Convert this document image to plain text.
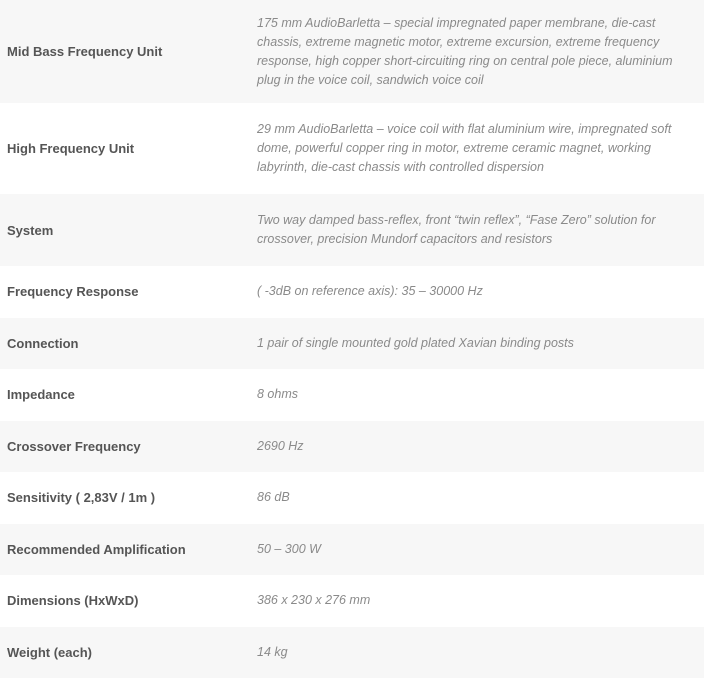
Mid Bass Frequency Unit	175 mm AudioBarletta – special impregnated paper membrane, die-cast chassis, extreme magnetic motor, extreme excursion, extreme frequency response, high copper short-circuiting ring on central pole piece, aluminium plug in the voice coil, sandwich voice coil
High Frequency Unit	29 mm AudioBarletta – voice coil with flat aluminium wire, impregnated soft dome, powerful copper ring in motor, extreme ceramic magnet, working labyrinth, die-cast chassis with controlled dispersion
System	Two way damped bass-reflex, front “twin reflex”, “Fase Zero” solution for crossover, precision Mundorf capacitors and resistors
Frequency Response	( -3dB on reference axis): 35 – 30000 Hz
Connection	1 pair of single mounted gold plated Xavian binding posts
Impedance	8 ohms
Crossover Frequency	2690 Hz
Sensitivity ( 2,83V / 1m )	86 dB
Recommended Amplification	50 – 300 W
Dimensions (HxWxD)	386 x 230 x 276 mm
Weight (each)	14 kg
